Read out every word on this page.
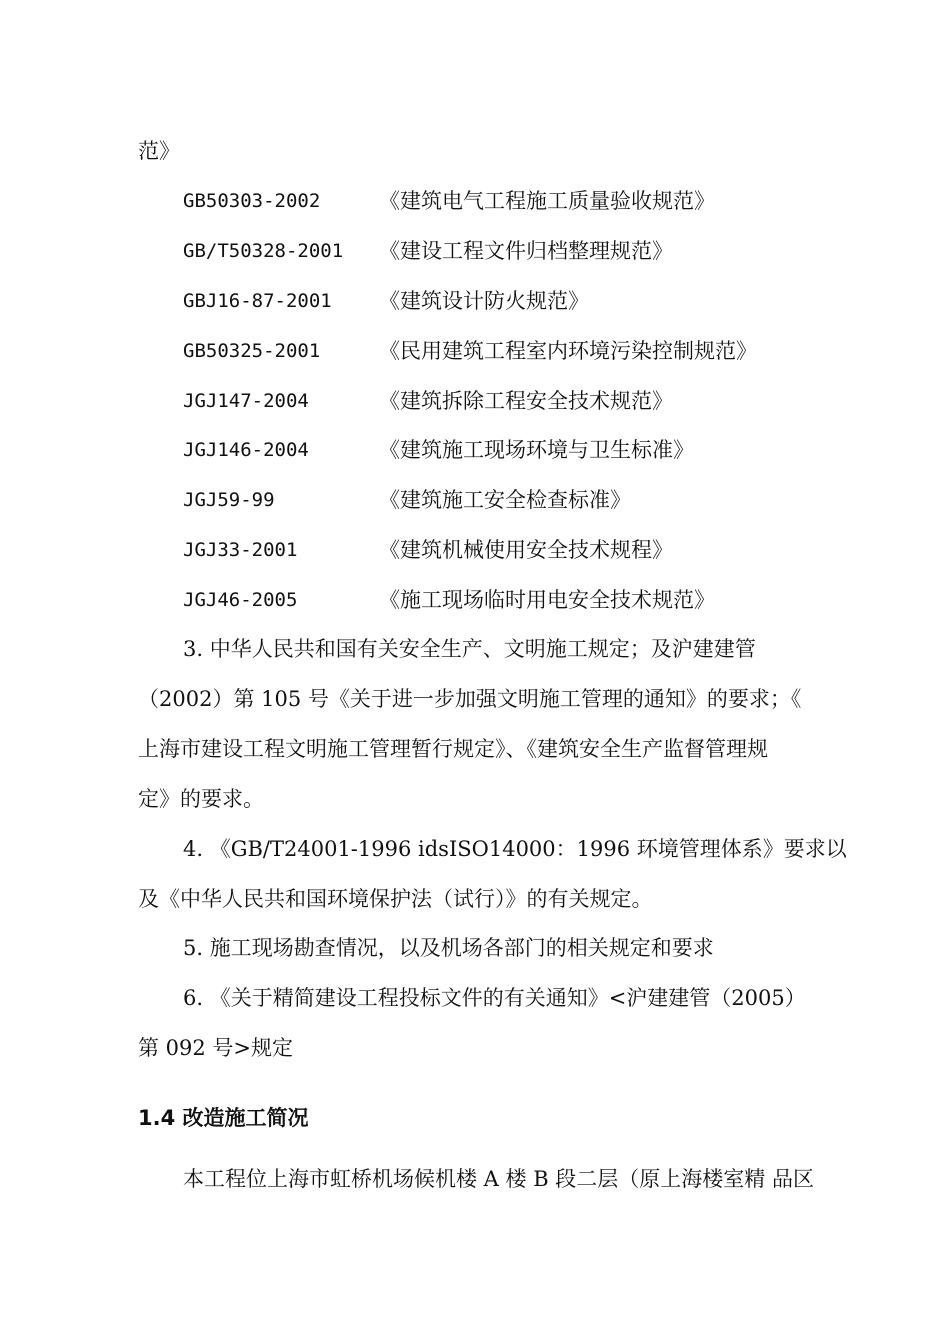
范》
GB50303-2002	《建筑电气工程施工质量验收规范》
GB/T50328-2001 《建设工程文件归档整理规范》
GBJ16-87-2001 《建筑设计防火规范》
GB50325-2001	《民用建筑工程室内环境污染控制规范》
JGJ147-2004	《建筑拆除工程安全技术规范》
JGJ146-2004	《建筑施工现场环境与卫生标准》
JGJ59-99	《建筑施工安全检查标准》
JGJ33-2001	《建筑机械使用安全技术规程》
JGJ46-2005	《施工现场临时用电安全技术规范》
3. 中华人民共和国有关安全生产、文明施工规定；及沪建建管
（2002）第 105 号《关于进一步加强文明施工管理的通知》的要求；《
上海市建设工程文明施工管理暂行规定》、《建筑安全生产监督管理规
定》的要求。
4. 《GB/T24001-1996 idsISO14000：1996 环境管理体系》要求以
及《中华人民共和国环境保护法（试行）》的有关规定。
5. 施工现场勘查情况，以及机场各部门的相关规定和要求
6. 《关于精简建设工程投标文件的有关通知》<沪建建管（2005）
第 092 号>规定
1.4 改造施工简况
本工程位上海市虹桥机场候机楼 A 楼 B 段二层（原上海楼室精 品区
